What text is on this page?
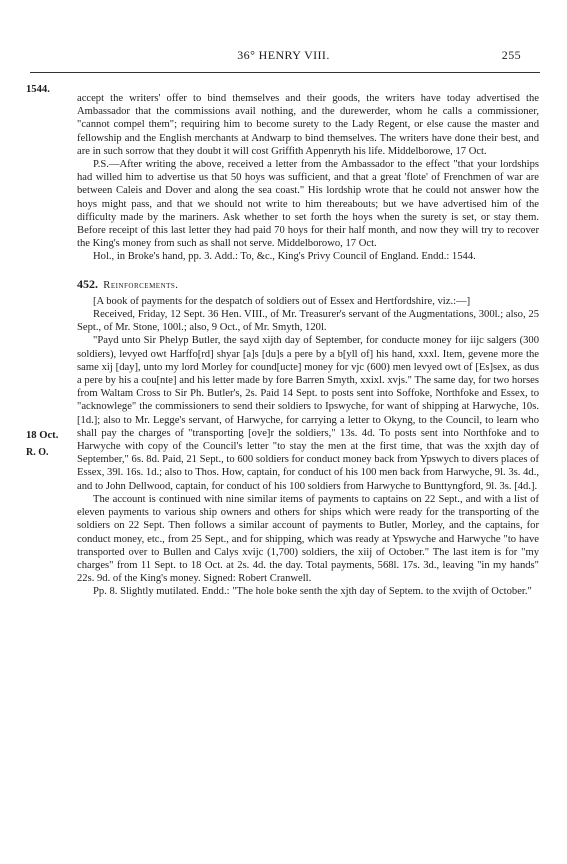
36° HENRY VIII.	255
1544.
18 Oct.
R. O.

accept the writers' offer to bind themselves and their goods, the writers have today advertised the Ambassador that the commissions avail nothing, and the durewerder, whom he calls a commissioner, "cannot compel them"; requiring him to become surety to the Lady Regent, or else cause the master and fellowship and the English merchants at Andwarp to bind themselves. The writers have done their best, and are in such sorrow that they doubt it will cost Griffith Appenryth his life. Middelborowe, 17 Oct.

P.S.—After writing the above, received a letter from the Ambassador to the effect "that your lordships had willed him to advertise us that 50 hoys was sufficient, and that a great 'flote' of Frenchmen of war are between Caleis and Dover and along the sea coast." His lordship wrote that he could not answer how the hoys might pass, and that we should not write to him thereabouts; but we have advertised him of the difficulty made by the mariners. Ask whether to set forth the hoys when the surety is set, or stay them. Before receipt of this last letter they had paid 70 hoys for their half month, and now they will try to recover the King's money from such as shall not serve. Middelborowo, 17 Oct.

Hol., in Broke's hand, pp. 3. Add.: To, &c., King's Privy Council of England. Endd.: 1544.

452. Reinforcements.

[A book of payments for the despatch of soldiers out of Essex and Hertfordshire, viz.:—]

Received, Friday, 12 Sept. 36 Hen. VIII., of Mr. Treasurer's servant of the Augmentations, 300l.; also, 25 Sept., of Mr. Stone, 100l.; also, 9 Oct., of Mr. Smyth, 120l.

"Payd unto Sir Phelyp Butler, the sayd xijth day of September, for conducte money for iijc salgers (300 soldiers), levyed owt Harffo[rd] shyar [a]s [du]s a pere by a b[yll of] his hand, xxxl. Item, gevene more the same xij [day], unto my lord Morley for cound[ucte] money for vjc (600) men levyed owt of [Es]sex, as dus a pere by his a cou[nte] and his letter made by fore Barren Smyth, xxixl. xvjs." The same day, for two horses from Waltam Cross to Sir Ph. Butler's, 2s. Paid 14 Sept. to posts sent into Soffoke, Northfoke and Essex, to "acknowlege" the commissioners to send their soldiers to Ipswyche, for want of shipping at Harwyche, 10s. [1d.]; also to Mr. Legge's servant, of Harwyche, for carrying a letter to Okyng, to the Council, to learn who shall pay the charges of "transporting [ove]r the soldiers," 13s. 4d. To posts sent into Northfoke and to Harwyche with copy of the Council's letter "to stay the men at the first time, that was the xxjth day of September," 6s. 8d. Paid, 21 Sept., to 600 soldiers for conduct money back from Ypswych to divers places of Essex, 39l. 16s. 1d.; also to Thos. How, captain, for conduct of his 100 men back from Harwyche, 9l. 3s. 4d., and to John Dellwood, captain, for conduct of his 100 soldiers from Harwyche to Bunttyngford, 9l. 3s. [4d.].

The account is continued with nine similar items of payments to captains on 22 Sept., and with a list of eleven payments to various ship owners and others for ships which were ready for the transporting of the soldiers on 22 Sept. Then follows a similar account of payments to Butler, Morley, and the captains, for conduct money, etc., from 25 Sept., and for shipping, which was ready at Ypswyche and Harwyche "to have transported over to Bullen and Calys xvijc (1,700) soldiers, the xiij of October." The last item is for "my charges" from 11 Sept. to 18 Oct. at 2s. 4d. the day. Total payments, 568l. 17s. 3d., leaving "in my hands" 22s. 9d. of the King's money. Signed: Robert Cranwell.

Pp. 8. Slightly mutilated. Endd.: "The hole boke senth the xjth day of Septem. to the xvijth of October."
